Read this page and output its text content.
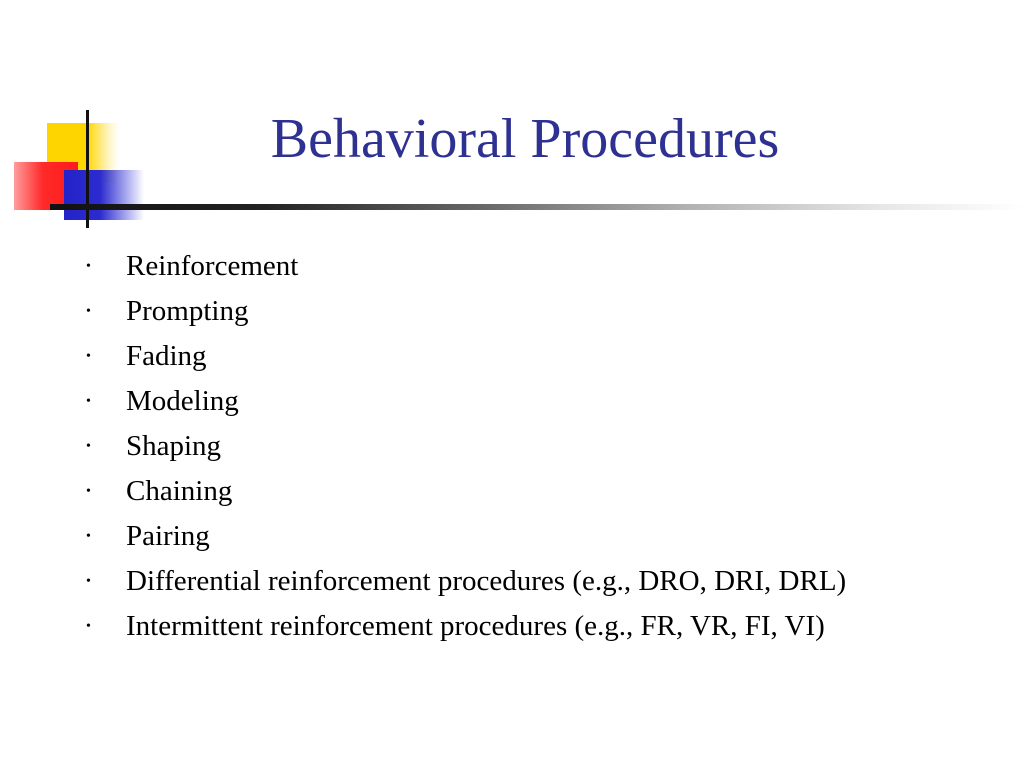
Behavioral Procedures
•	Reinforcement
•	Prompting
•	Fading
•	Modeling
•	Shaping
•	Chaining
•	Pairing
•	Differential reinforcement procedures (e.g., DRO, DRI, DRL)
•	Intermittent reinforcement procedures (e.g., FR, VR, FI, VI)
